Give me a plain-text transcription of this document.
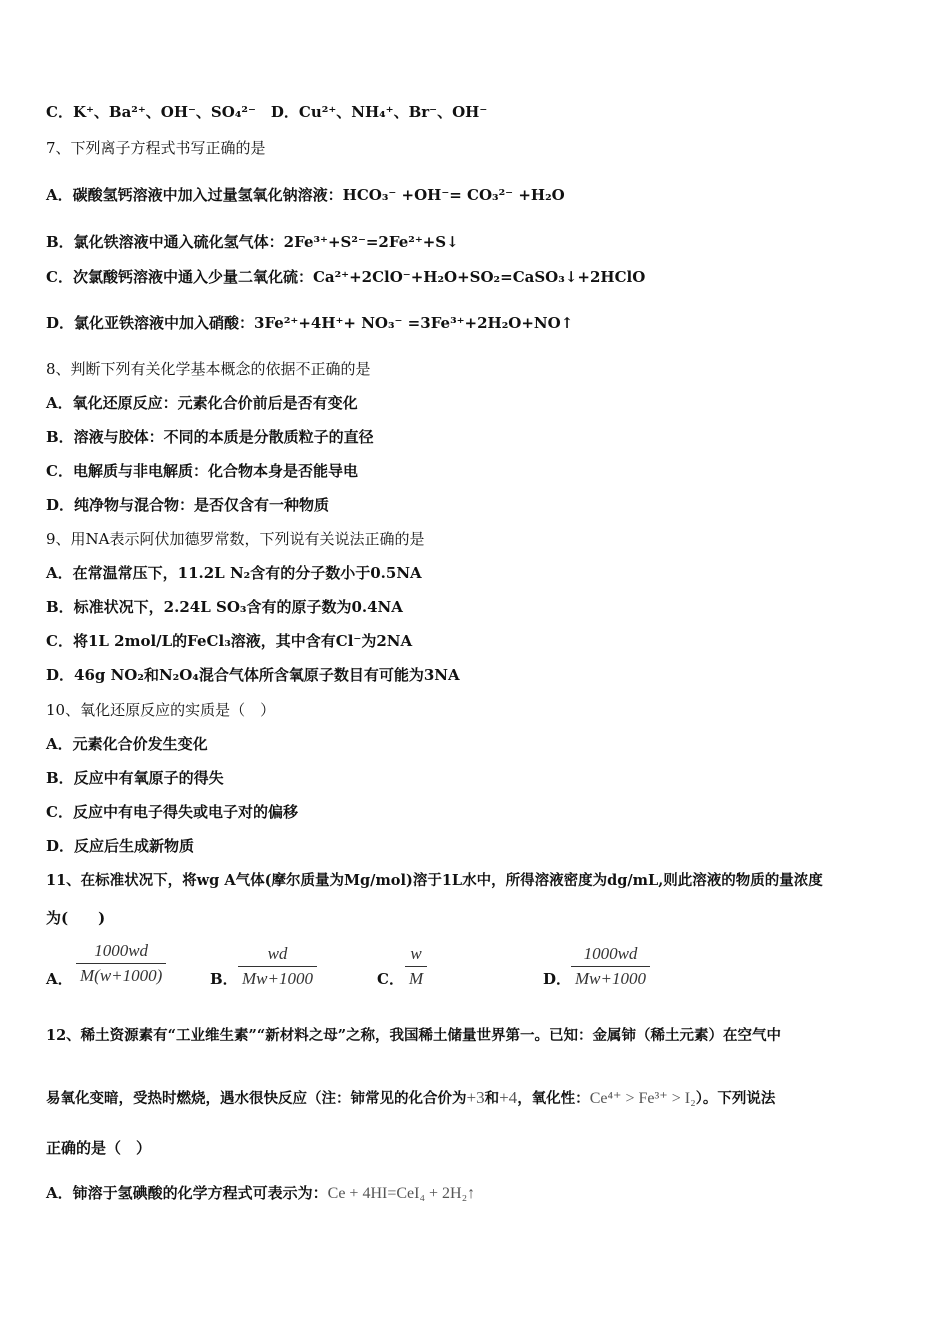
C．K⁺、Ba²⁺、OH⁻、SO₄²⁻　D．Cu²⁺、NH₄⁺、Br⁻、OH⁻
7、下列离子方程式书写正确的是
A．碳酸氢钙溶液中加入过量氢氧化钠溶液：HCO₃⁻ +OH⁻= CO₃²⁻ +H₂O
B．氯化铁溶液中通入硫化氢气体：2Fe³⁺+S²⁻=2Fe²⁺+S↓
C．次氯酸钙溶液中通入少量二氧化硫：Ca²⁺+2ClO⁻+H₂O+SO₂=CaSO₃↓+2HClO
D．氯化亚铁溶液中加入硝酸：3Fe²⁺+4H⁺+ NO₃⁻ =3Fe³⁺+2H₂O+NO↑
8、判断下列有关化学基本概念的依据不正确的是
A．氧化还原反应：元素化合价前后是否有变化
B．溶液与胶体：不同的本质是分散质粒子的直径
C．电解质与非电解质：化合物本身是否能导电
D．纯净物与混合物：是否仅含有一种物质
9、用NA表示阿伏加德罗常数，下列说有关说法正确的是
A．在常温常压下，11.2L N₂含有的分子数小于0.5NA
B．标准状况下，2.24L SO₃含有的原子数为0.4NA
C．将1L 2mol/L的FeCl₃溶液，其中含有Cl⁻为2NA
D．46g NO₂和N₂O₄混合气体所含氧原子数目有可能为3NA
10、氧化还原反应的实质是（　）
A．元素化合价发生变化
B．反应中有氧原子的得失
C．反应中有电子得失或电子对的偏移
D．反应后生成新物质
11、在标准状况下，将wg A气体(摩尔质量为Mg/mol)溶于1L水中，所得溶液密度为dg/mL,则此溶液的物质的量浓度
为(　　)
A． $\frac{1000wd}{M(w+1000)}$	B． $\frac{wd}{Mw+1000}$	C． $\frac{w}{M}$	D． $\frac{1000wd}{Mw+1000}$
12、稀土资源素有“工业维生素”“新材料之母”之称，我国稀土储量世界第一。已知：金属铈（稀土元素）在空气中
易氧化变暗，受热时燃烧，遇水很快反应（注：铈常见的化合价为+3和+4，氧化性：Ce⁴⁺ > Fe³⁺ > I₂）。下列说法
正确的是（　）
A．铈溶于氢碘酸的化学方程式可表示为：Ce + 4HI=CeI₄ + 2H₂↑
